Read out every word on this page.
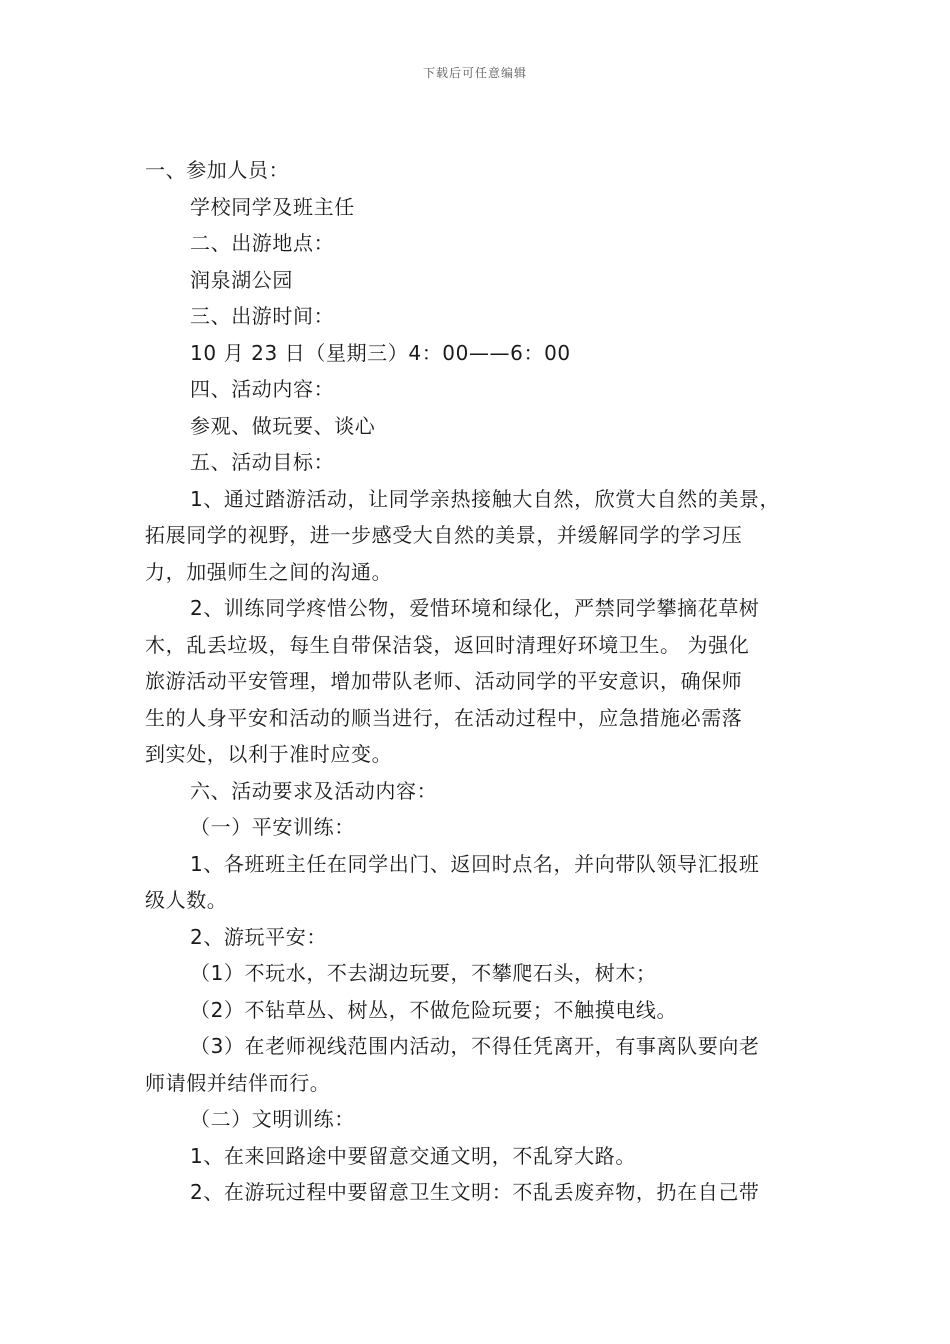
下载后可任意编辑

一、参加人员：

学校同学及班主任

二、出游地点：

润泉湖公园

三、出游时间：

10 月 23 日（星期三）4：00——6：00

四、活动内容：

参观、做玩要、谈心

五、活动目标：

1、通过踏游活动，让同学亲热接触大自然，欣赏大自然的美景，

拓展同学的视野，进一步感受大自然的美景，并缓解同学的学习压

力，加强师生之间的沟通。

2、训练同学疼惜公物，爱惜环境和绿化，严禁同学攀摘花草树

木，乱丢垃圾，每生自带保洁袋，返回时清理好环境卫生。 为强化

旅游活动平安管理，增加带队老师、活动同学的平安意识，确保师

生的人身平安和活动的顺当进行，在活动过程中，应急措施必需落

到实处，以利于准时应变。

六、活动要求及活动内容：

（一）平安训练：

1、各班班主任在同学出门、返回时点名，并向带队领导汇报班

级人数。

2、游玩平安：

（1）不玩水，不去湖边玩要，不攀爬石头，树木；

（2）不钻草丛、树丛，不做危险玩要；不触摸电线。

（3）在老师视线范围内活动，不得任凭离开，有事离队要向老

师请假并结伴而行。

（二）文明训练：

1、在来回路途中要留意交通文明，不乱穿大路。

2、在游玩过程中要留意卫生文明：不乱丢废弃物，扔在自己带
